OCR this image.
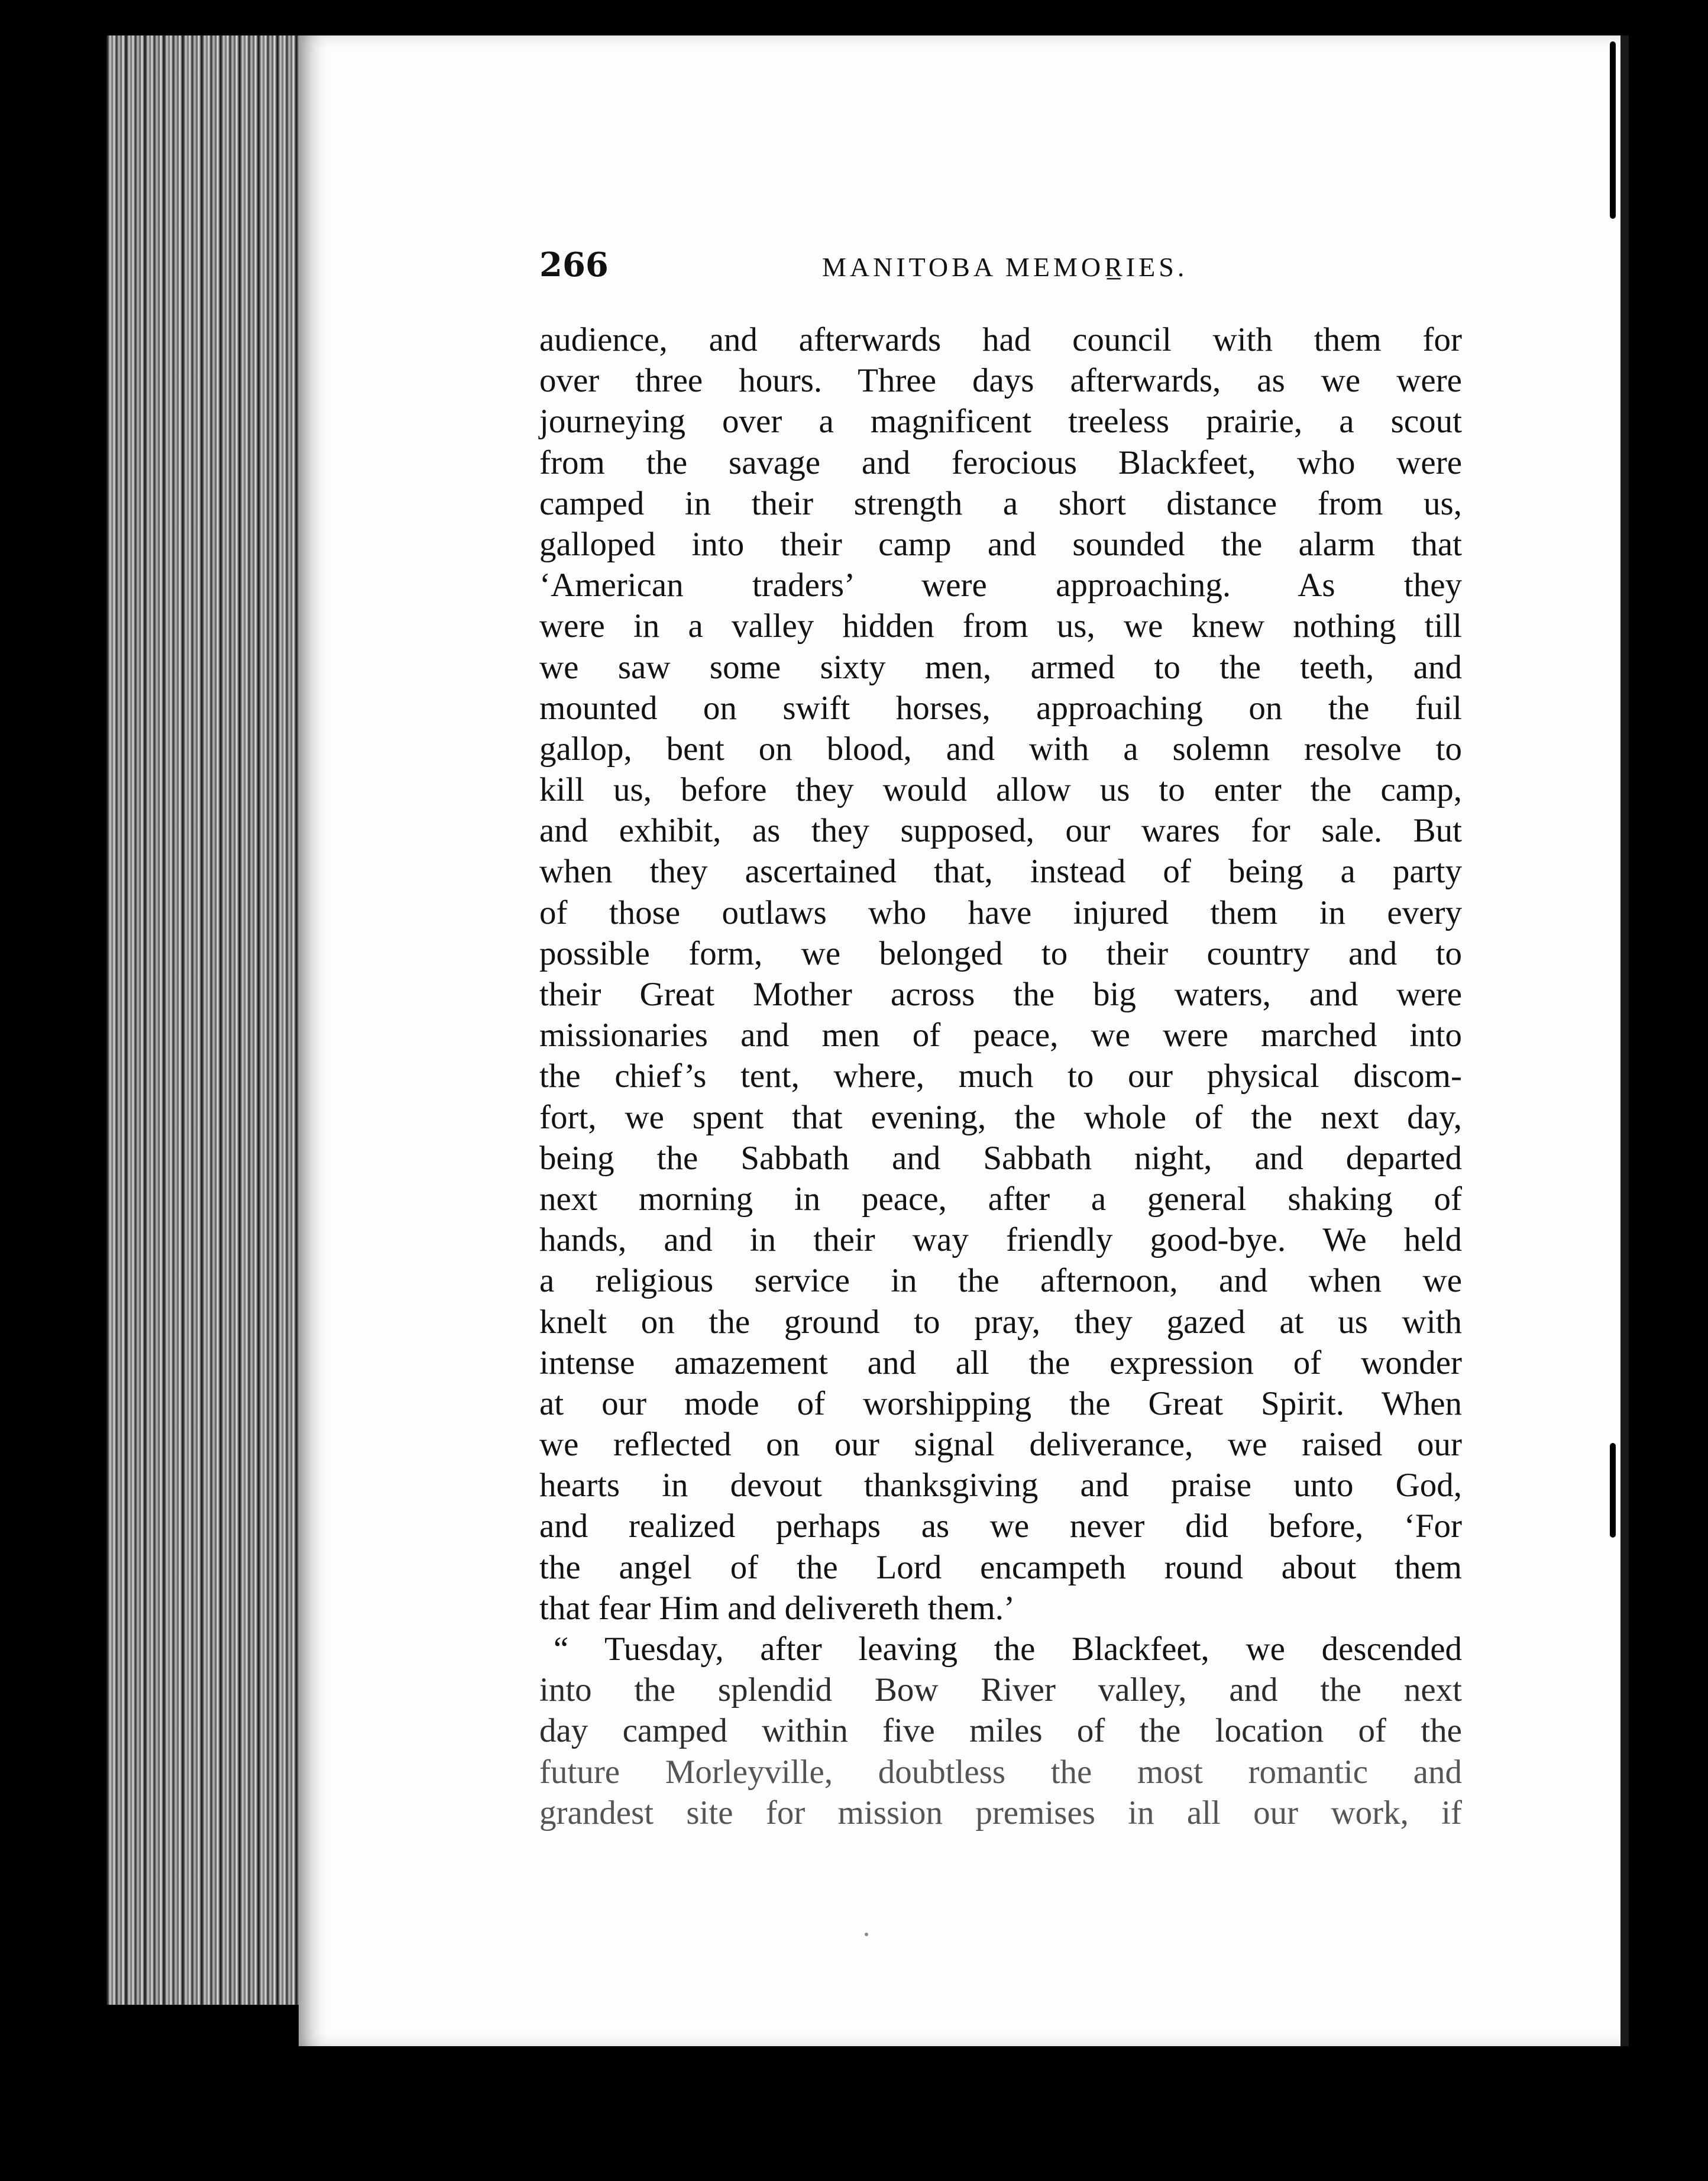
266	MANITOBA MEMOR̲IES.
audience, and afterwards had council with them for
over three hours. Three days afterwards, as we were
journeying over a magnificent treeless prairie, a scout
from the savage and ferocious Blackfeet, who were
camped in their strength a short distance from us,
galloped into their camp and sounded the alarm that
‘American traders’ were approaching. As they
were in a valley hidden from us, we knew nothing till
we saw some sixty men, armed to the teeth, and
mounted on swift horses, approaching on the fuil
gallop, bent on blood, and with a solemn resolve to
kill us, before they would allow us to enter the camp,
and exhibit, as they supposed, our wares for sale. But
when they ascertained that, instead of being a party
of those outlaws who have injured them in every
possible form, we belonged to their country and to
their Great Mother across the big waters, and were
missionaries and men of peace, we were marched into
the chief’s tent, where, much to our physical discom-
fort, we spent that evening, the whole of the next day,
being the Sabbath and Sabbath night, and departed
next morning in peace, after a general shaking of
hands, and in their way friendly good-bye. We held
a religious service in the afternoon, and when we
knelt on the ground to pray, they gazed at us with
intense amazement and all the expression of wonder
at our mode of worshipping the Great Spirit. When
we reflected on our signal deliverance, we raised our
hearts in devout thanksgiving and praise unto God,
and realized perhaps as we never did before, ‘For
the angel of the Lord encampeth round about them
that fear Him and delivereth them.’
“ Tuesday, after leaving the Blackfeet, we descended
into the splendid Bow River valley, and the next
day camped within five miles of the location of the
future Morleyville, doubtless the most romantic and
grandest site for mission premises in all our work, if
